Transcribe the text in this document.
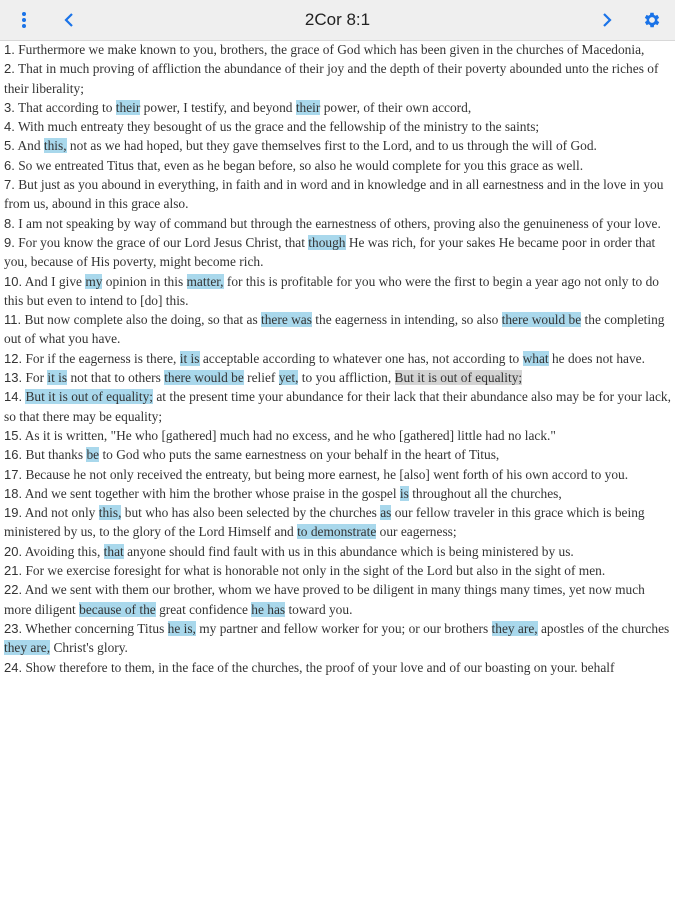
2Cor 8:1

1. Furthermore we make known to you, brothers, the grace of God which has been given in the churches of Macedonia,

2. That in much proving of affliction the abundance of their joy and the depth of their poverty abounded unto the riches of their liberality;

3. That according to their power, I testify, and beyond their power, of their own accord,

4. With much entreaty they besought of us the grace and the fellowship of the ministry to the saints;

5. And this, not as we had hoped, but they gave themselves first to the Lord, and to us through the will of God.

6. So we entreated Titus that, even as he began before, so also he would complete for you this grace as well.

7. But just as you abound in everything, in faith and in word and in knowledge and in all earnestness and in the love in you from us, abound in this grace also.

8. I am not speaking by way of command but through the earnestness of others, proving also the genuineness of your love.

9. For you know the grace of our Lord Jesus Christ, that though He was rich, for your sakes He became poor in order that you, because of His poverty, might become rich.

10. And I give my opinion in this matter, for this is profitable for you who were the first to begin a year ago not only to do this but even to intend to [do] this.

11. But now complete also the doing, so that as there was the eagerness in intending, so also there would be the completing out of what you have.

12. For if the eagerness is there, it is acceptable according to whatever one has, not according to what he does not have.

13. For it is not that to others there would be relief yet, to you affliction, But it is out of equality;

14. But it is out of equality; at the present time your abundance for their lack that their abundance also may be for your lack, so that there may be equality;

15. As it is written, "He who [gathered] much had no excess, and he who [gathered] little had no lack."

16. But thanks be to God who puts the same earnestness on your behalf in the heart of Titus,

17. Because he not only received the entreaty, but being more earnest, he [also] went forth of his own accord to you.

18. And we sent together with him the brother whose praise in the gospel is throughout all the churches,

19. And not only this, but who has also been selected by the churches as our fellow traveler in this grace which is being ministered by us, to the glory of the Lord Himself and to demonstrate our eagerness;

20. Avoiding this, that anyone should find fault with us in this abundance which is being ministered by us.

21. For we exercise foresight for what is honorable not only in the sight of the Lord but also in the sight of men.

22. And we sent with them our brother, whom we have proved to be diligent in many things many times, yet now much more diligent because of the great confidence he has toward you.

23. Whether concerning Titus he is, my partner and fellow worker for you; or our brothers they are, apostles of the churches they are, Christ's glory.

24. Show therefore to them, in the face of the churches, the proof of your love and of our boasting on your. behalf
